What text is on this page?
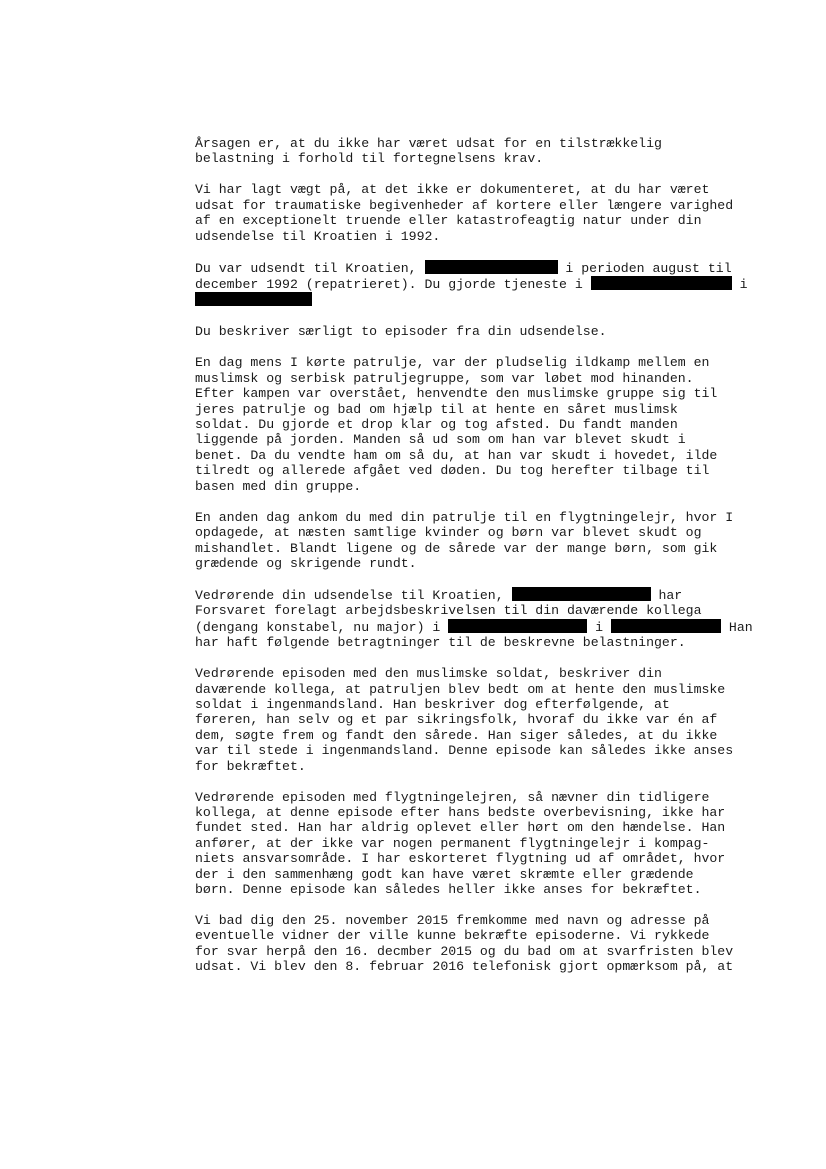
Årsagen er, at du ikke har været udsat for en tilstrækkelig
belastning i forhold til fortegnelsens krav.

Vi har lagt vægt på, at det ikke er dokumenteret, at du har været
udsat for traumatiske begivenheder af kortere eller længere varighed
af en exceptionelt truende eller katastrofeagtig natur under din
udsendelse til Kroatien i 1992.

Du var udsendt til Kroatien,	i perioden august til
december 1992 (repatrieret). Du gjorde tjeneste i	i

Du beskriver særligt to episoder fra din udsendelse.

En dag mens I kørte patrulje, var der pludselig ildkamp mellem en
muslimsk og serbisk patruljegruppe, som var løbet mod hinanden.
Efter kampen var overstået, henvendte den muslimske gruppe sig til
jeres patrulje og bad om hjælp til at hente en såret muslimsk
soldat. Du gjorde et drop klar og tog afsted. Du fandt manden
liggende på jorden. Manden så ud som om han var blevet skudt i
benet. Da du vendte ham om så du, at han var skudt i hovedet, ilde
tilredt og allerede afgået ved døden. Du tog herefter tilbage til
basen med din gruppe.

En anden dag ankom du med din patrulje til en flygtningelejr, hvor I
opdagede, at næsten samtlige kvinder og børn var blevet skudt og
mishandlet. Blandt ligene og de sårede var der mange børn, som gik
grædende og skrigende rundt.

Vedrørende din udsendelse til Kroatien,	har
Forsvaret forelagt arbejdsbeskrivelsen til din daværende kollega
(dengang konstabel, nu major) i	i	Han
har haft følgende betragtninger til de beskrevne belastninger.

Vedrørende episoden med den muslimske soldat, beskriver din
daværende kollega, at patruljen blev bedt om at hente den muslimske
soldat i ingenmandsland. Han beskriver dog efterfølgende, at
føreren, han selv og et par sikringsfolk, hvoraf du ikke var én af
dem, søgte frem og fandt den sårede. Han siger således, at du ikke
var til stede i ingenmandsland. Denne episode kan således ikke anses
for bekræftet.

Vedrørende episoden med flygtningelejren, så nævner din tidligere
kollega, at denne episode efter hans bedste overbevisning, ikke har
fundet sted. Han har aldrig oplevet eller hørt om den hændelse. Han
anfører, at der ikke var nogen permanent flygtningelejr i kompag-
niets ansvarsområde. I har eskorteret flygtning ud af området, hvor
der i den sammenhæng godt kan have været skræmte eller grædende
børn. Denne episode kan således heller ikke anses for bekræftet.

Vi bad dig den 25. november 2015 fremkomme med navn og adresse på
eventuelle vidner der ville kunne bekræfte episoderne. Vi rykkede
for svar herpå den 16. decmber 2015 og du bad om at svarfristen blev
udsat. Vi blev den 8. februar 2016 telefonisk gjort opmærksom på, at
